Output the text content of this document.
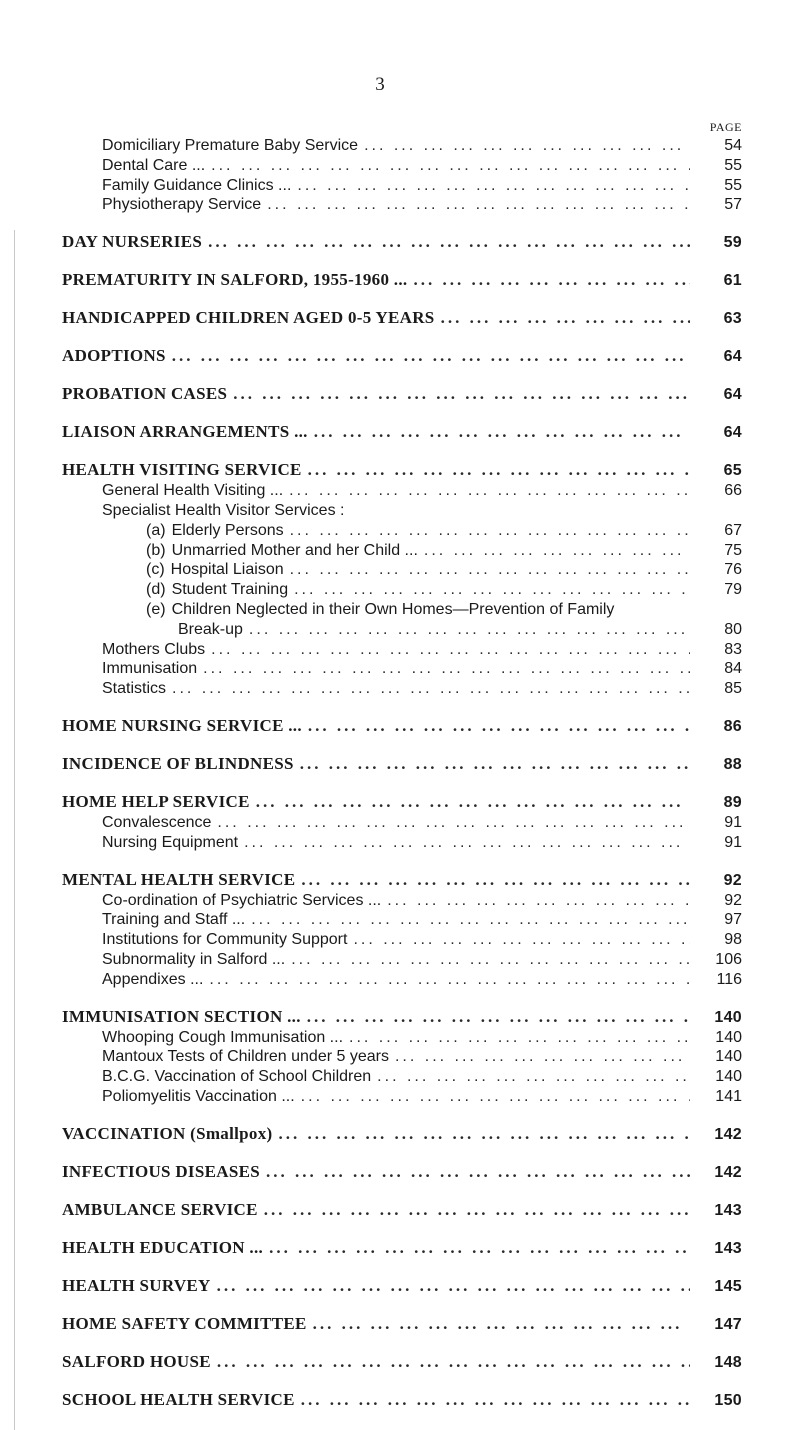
3
PAGE
Domiciliary Premature Baby Service ... .	54
Dental Care ... ... .	55
Family Guidance Clinics ... ... .	55
Physiotherapy Service ... .	57
DAY NURSERIES ... .	59
PREMATURITY IN SALFORD, 1955-1960 ... ... .	61
HANDICAPPED CHILDREN AGED 0-5 YEARS ... .	63
ADOPTIONS ... .	64
PROBATION CASES ... .	64
LIAISON ARRANGEMENTS ... ... .	64
HEALTH VISITING SERVICE ... .	65
General Health Visiting ... ... .	66
Specialist Health Visitor Services :
(a) Elderly Persons ... .	67
(b) Unmarried Mother and her Child ... ... .	75
(c) Hospital Liaison ... .	76
(d) Student Training ... .	79
(e) Children Neglected in their Own Homes—Prevention of Family
Break-up ... .	80
Mothers Clubs ... .	83
Immunisation ... .	84
Statistics ... .	85
HOME NURSING SERVICE ... ... .	86
INCIDENCE OF BLINDNESS ... .	88
HOME HELP SERVICE ... .	89
Convalescence ... .	91
Nursing Equipment ... .	91
MENTAL HEALTH SERVICE ... .	92
Co-ordination of Psychiatric Services ... ... .	92
Training and Staff ... ... .	97
Institutions for Community Support ... .	98
Subnormality in Salford ... ... .	106
Appendixes ... ... .	116
IMMUNISATION SECTION ... ... .	140
Whooping Cough Immunisation ... ... .	140
Mantoux Tests of Children under 5 years ... .	140
B.C.G. Vaccination of School Children ... .	140
Poliomyelitis Vaccination ... ... .	141
VACCINATION (Smallpox) ... .	142
INFECTIOUS DISEASES ... .	142
AMBULANCE SERVICE ... .	143
HEALTH EDUCATION ... ... .	143
HEALTH SURVEY ... .	145
HOME SAFETY COMMITTEE ... .	147
SALFORD HOUSE ... .	148
SCHOOL HEALTH SERVICE ... .	150
